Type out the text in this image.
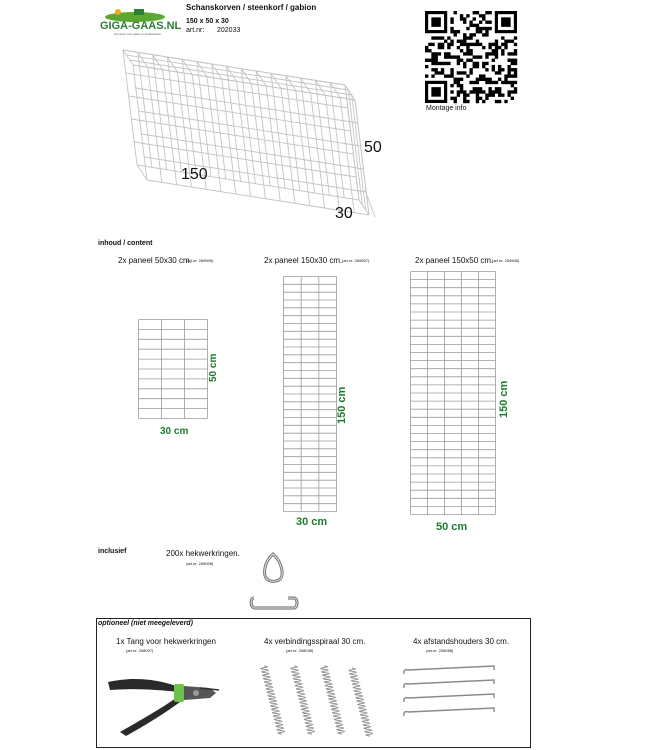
GIGA-GAAS.NL
Uw shop voor gaas en tuinhekwerk
Schanskorven / steenkorf / gabion
150 x 50 x 30
art.nr: 202033
Montage info
150
50
30
inhoud / content
2x paneel 50x30 cm.
(art.nr. 269509)	2x paneel 150x30 cm. (art.nr. 269507)	2x paneel 150x50 cm.
(art.nr. 269506)
30 cm
50 cm
30 cm
150 cm
50 cm
150 cm
inclusief	200x hekwerkringen.
(art.nr. 208008)
optioneel (niet meegeleverd)
1x Tang voor hekwerkringen
(art.nr. 208007)
4x verbindingsspiraal 30 cm.
(art.nr. 208038)
4x afstandshouders 30 cm.
(art.nr. 208058)
